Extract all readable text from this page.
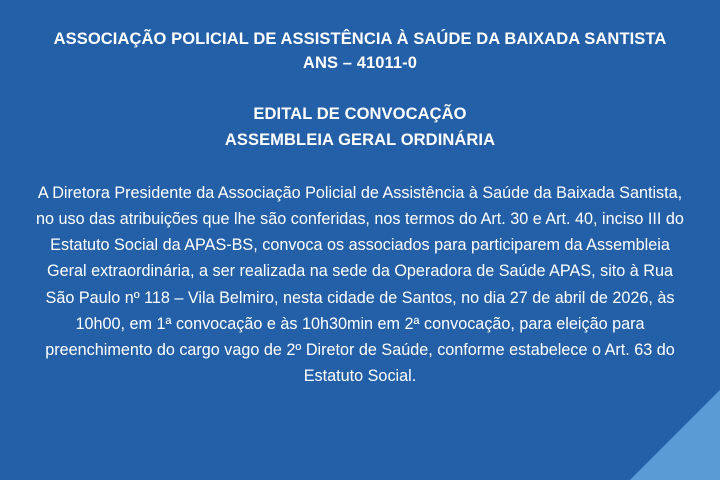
ASSOCIAÇÃO POLICIAL DE ASSISTÊNCIA À SAÚDE DA BAIXADA SANTISTA
ANS – 41011-0
EDITAL DE CONVOCAÇÃO
ASSEMBLEIA GERAL ORDINÁRIA
A Diretora Presidente da Associação Policial de Assistência à Saúde da Baixada Santista, no uso das atribuições que lhe são conferidas, nos termos do Art. 30 e Art. 40, inciso III do Estatuto Social da APAS-BS, convoca os associados para participarem da Assembleia Geral extraordinária, a ser realizada na sede da Operadora de Saúde APAS, sito à Rua São Paulo nº 118 – Vila Belmiro, nesta cidade de Santos, no dia 27 de abril de 2026, às 10h00, em 1ª convocação e às 10h30min em 2ª convocação, para eleição para preenchimento do cargo vago de 2º Diretor de Saúde, conforme estabelece o Art. 63 do Estatuto Social.
